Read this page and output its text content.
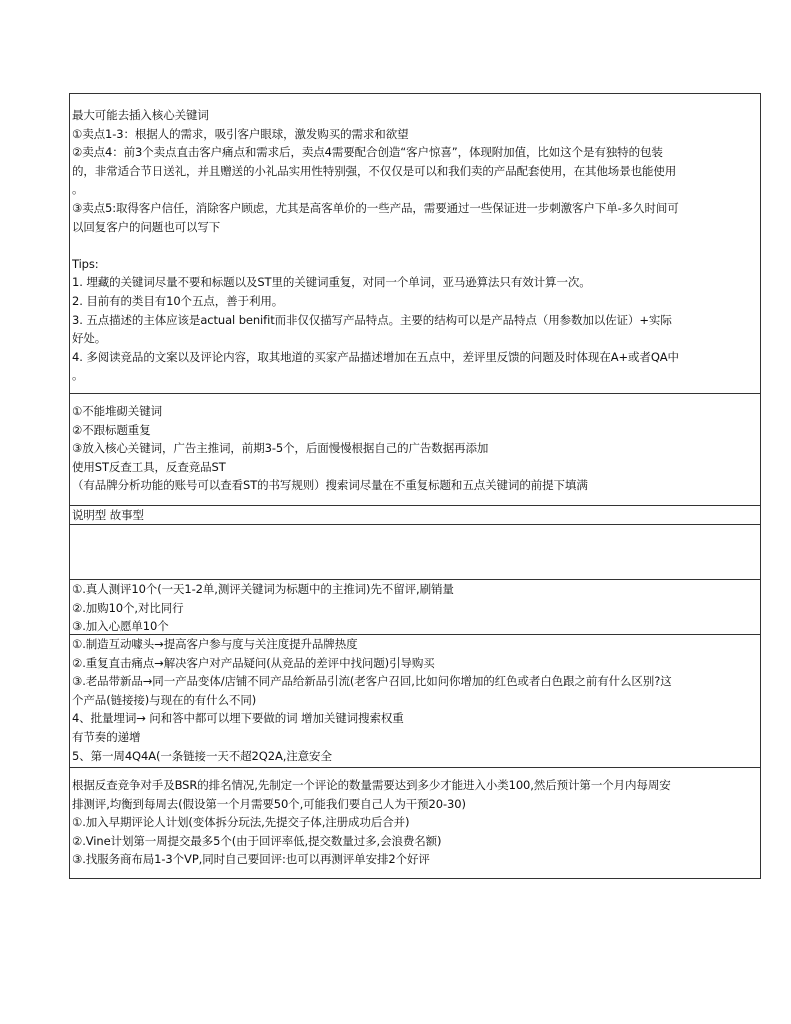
最大可能去插入核心关键词
①卖点1-3：根据人的需求，吸引客户眼球，激发购买的需求和欲望
②卖点4：前3个卖点直击客户痛点和需求后，卖点4需要配合创造“客户惊喜”，体现附加值，比如这个是有独特的包装
的，非常适合节日送礼，并且赠送的小礼品实用性特别强，不仅仅是可以和我们卖的产品配套使用，在其他场景也能使用
。
③卖点5:取得客户信任，消除客户顾虑，尤其是高客单价的一些产品，需要通过一些保证进一步刺激客户下单-多久时间可
以回复客户的问题也可以写下
Tips:
1. 埋藏的关键词尽量不要和标题以及ST里的关键词重复，对同一个单词，亚马逊算法只有效计算一次。
2. 目前有的类目有10个五点，善于利用。
3. 五点描述的主体应该是actual benifit而非仅仅描写产品特点。主要的结构可以是产品特点（用参数加以佐证）+实际
好处。
4. 多阅读竞品的文案以及评论内容，取其地道的买家产品描述增加在五点中，差评里反馈的问题及时体现在A+或者QA中
。
①不能堆砌关键词
②不跟标题重复
③放入核心关键词，广告主推词，前期3-5个，后面慢慢根据自己的广告数据再添加
使用ST反查工具，反查竞品ST
（有品牌分析功能的账号可以查看ST的书写规则）搜索词尽量在不重复标题和五点关键词的前提下填满
说明型 故事型
①.真人测评10个(一天1-2单,测评关键词为标题中的主推词)先不留评,刷销量
②.加购10个,对比同行
③.加入心愿单10个
①.制造互动噱头→提高客户参与度与关注度提升品牌热度
②.重复直击痛点→解决客户对产品疑问(从竞品的差评中找问题)引导购买
③.老品带新品→同一产品变体/店铺不同产品给新品引流(老客户召回,比如问你增加的红色或者白色跟之前有什么区别?这
个产品(链接接)与现在的有什么不同)
4、批量埋词→ 问和答中都可以埋下要做的词 增加关键词搜索权重
有节奏的递增
5、第一周4Q4A(一条链接一天不超2Q2A,注意安全
根据反查竞争对手及BSR的排名情况,先制定一个评论的数量需要达到多少才能进入小类100,然后预计第一个月内每周安
排测评,均衡到每周去(假设第一个月需要50个,可能我们要自己人为干预20-30)
①.加入早期评论人计划(变体拆分玩法,先提交子体,注册成功后合并)
②.Vine计划第一周提交最多5个(由于回评率低,提交数量过多,会浪费名额)
③.找服务商布局1-3个VP,同时自己要回评:也可以再测评单安排2个好评
